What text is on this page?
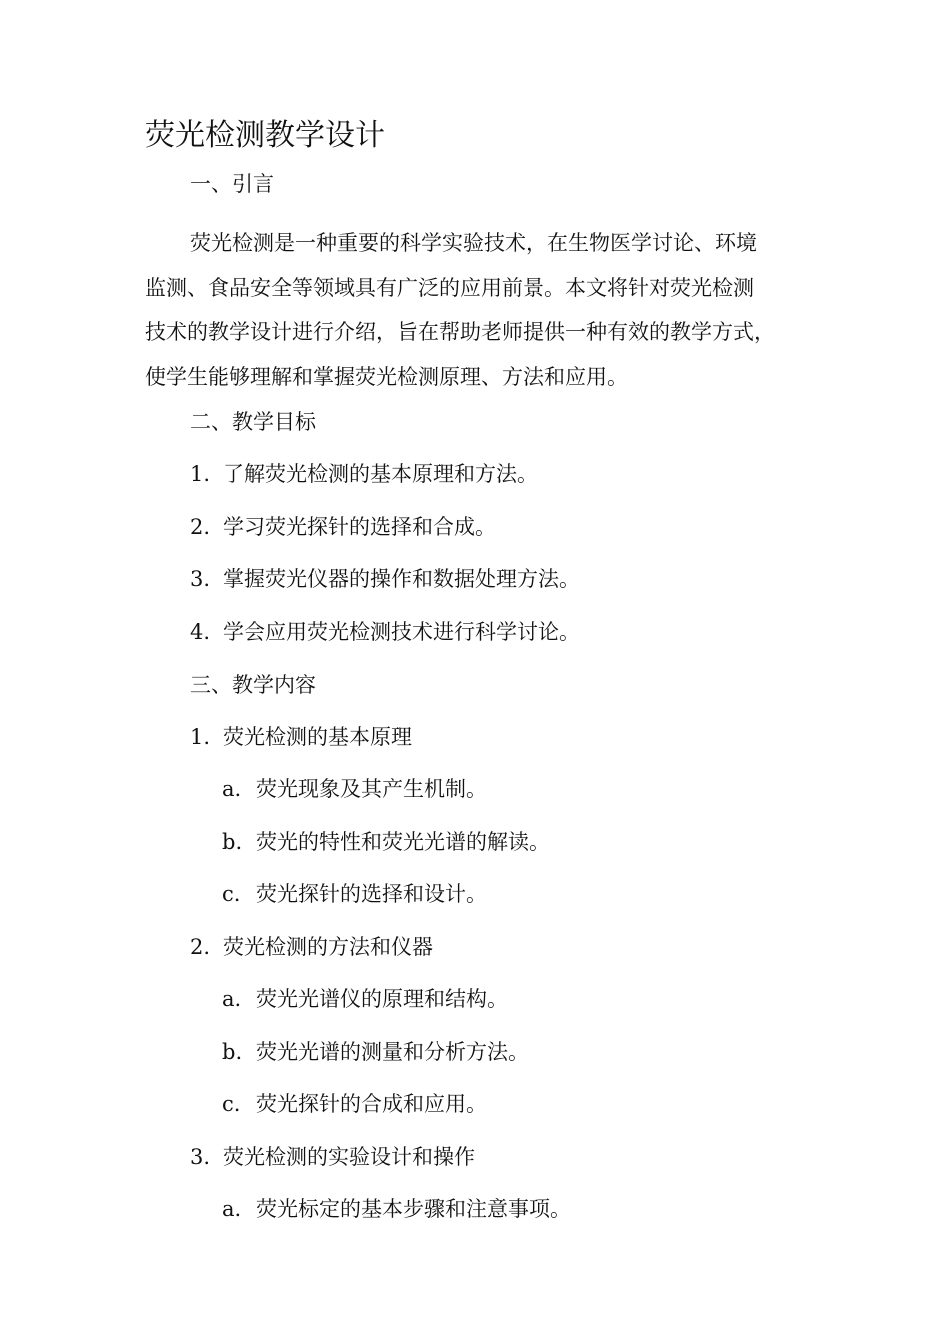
荧光检测教学设计
一、引言
荧光检测是一种重要的科学实验技术，在生物医学讨论、环境
监测、食品安全等领域具有广泛的应用前景。本文将针对荧光检测
技术的教学设计进行介绍，旨在帮助老师提供一种有效的教学方式，
使学生能够理解和掌握荧光检测原理、方法和应用。
二、教学目标
1. 了解荧光检测的基本原理和方法。
2. 学习荧光探针的选择和合成。
3. 掌握荧光仪器的操作和数据处理方法。
4. 学会应用荧光检测技术进行科学讨论。
三、教学内容
1. 荧光检测的基本原理
a. 荧光现象及其产生机制。
b. 荧光的特性和荧光光谱的解读。
c. 荧光探针的选择和设计。
2. 荧光检测的方法和仪器
a. 荧光光谱仪的原理和结构。
b. 荧光光谱的测量和分析方法。
c. 荧光探针的合成和应用。
3. 荧光检测的实验设计和操作
a. 荧光标定的基本步骤和注意事项。
